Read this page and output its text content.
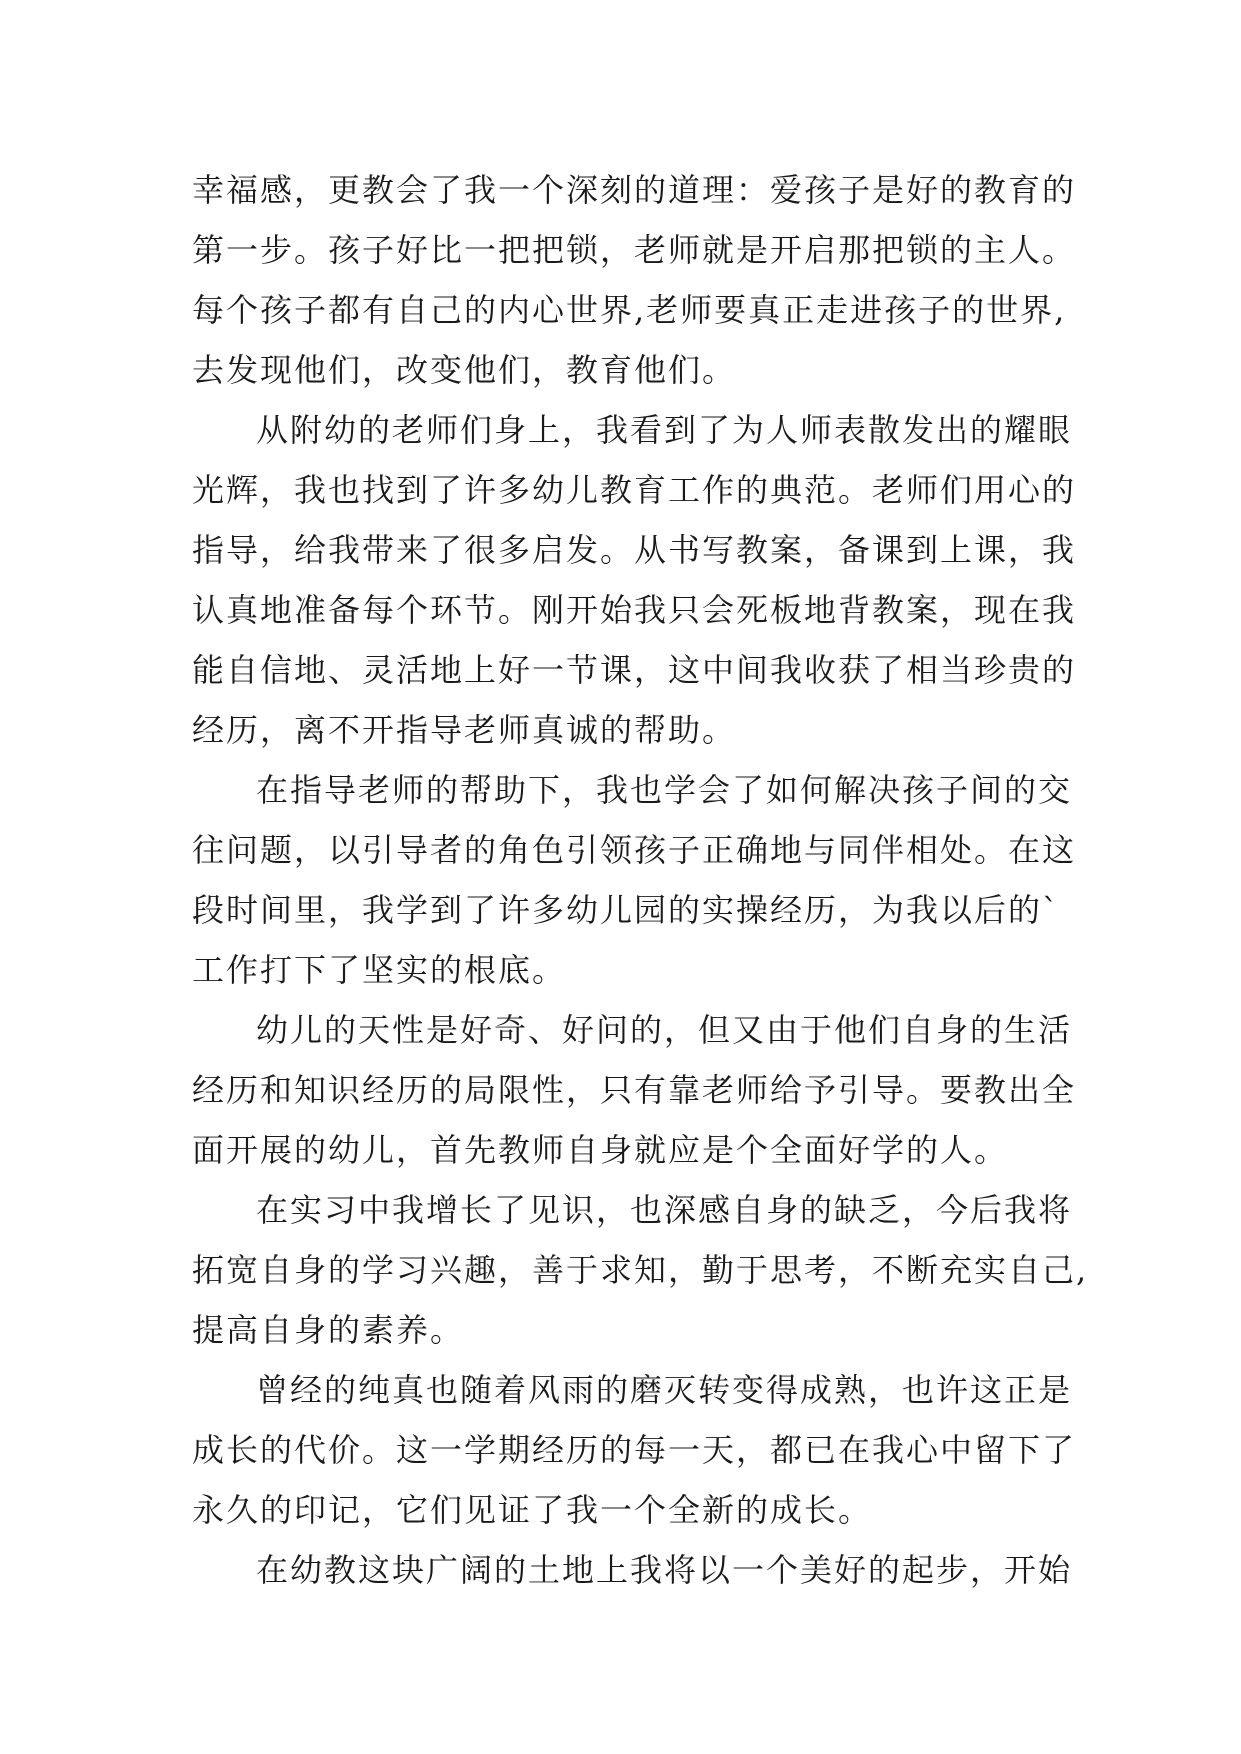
幸福感，更教会了我一个深刻的道理：爱孩子是好的教育的
第一步。孩子好比一把把锁，老师就是开启那把锁的主人。
每个孩子都有自己的内心世界,老师要真正走进孩子的世界,
去发现他们，改变他们，教育他们。
从附幼的老师们身上，我看到了为人师表散发出的耀眼
光辉，我也找到了许多幼儿教育工作的典范。老师们用心的
指导，给我带来了很多启发。从书写教案，备课到上课，我
认真地准备每个环节。刚开始我只会死板地背教案，现在我
能自信地、灵活地上好一节课，这中间我收获了相当珍贵的
经历，离不开指导老师真诚的帮助。
在指导老师的帮助下，我也学会了如何解决孩子间的交
往问题，以引导者的角色引领孩子正确地与同伴相处。在这
段时间里，我学到了许多幼儿园的实操经历，为我以后的`
工作打下了坚实的根底。
幼儿的天性是好奇、好问的，但又由于他们自身的生活
经历和知识经历的局限性，只有靠老师给予引导。要教出全
面开展的幼儿，首先教师自身就应是个全面好学的人。
在实习中我增长了见识，也深感自身的缺乏，今后我将
拓宽自身的学习兴趣，善于求知，勤于思考，不断充实自己,
提高自身的素养。
曾经的纯真也随着风雨的磨灭转变得成熟，也许这正是
成长的代价。这一学期经历的每一天，都已在我心中留下了
永久的印记，它们见证了我一个全新的成长。
在幼教这块广阔的土地上我将以一个美好的起步，开始
